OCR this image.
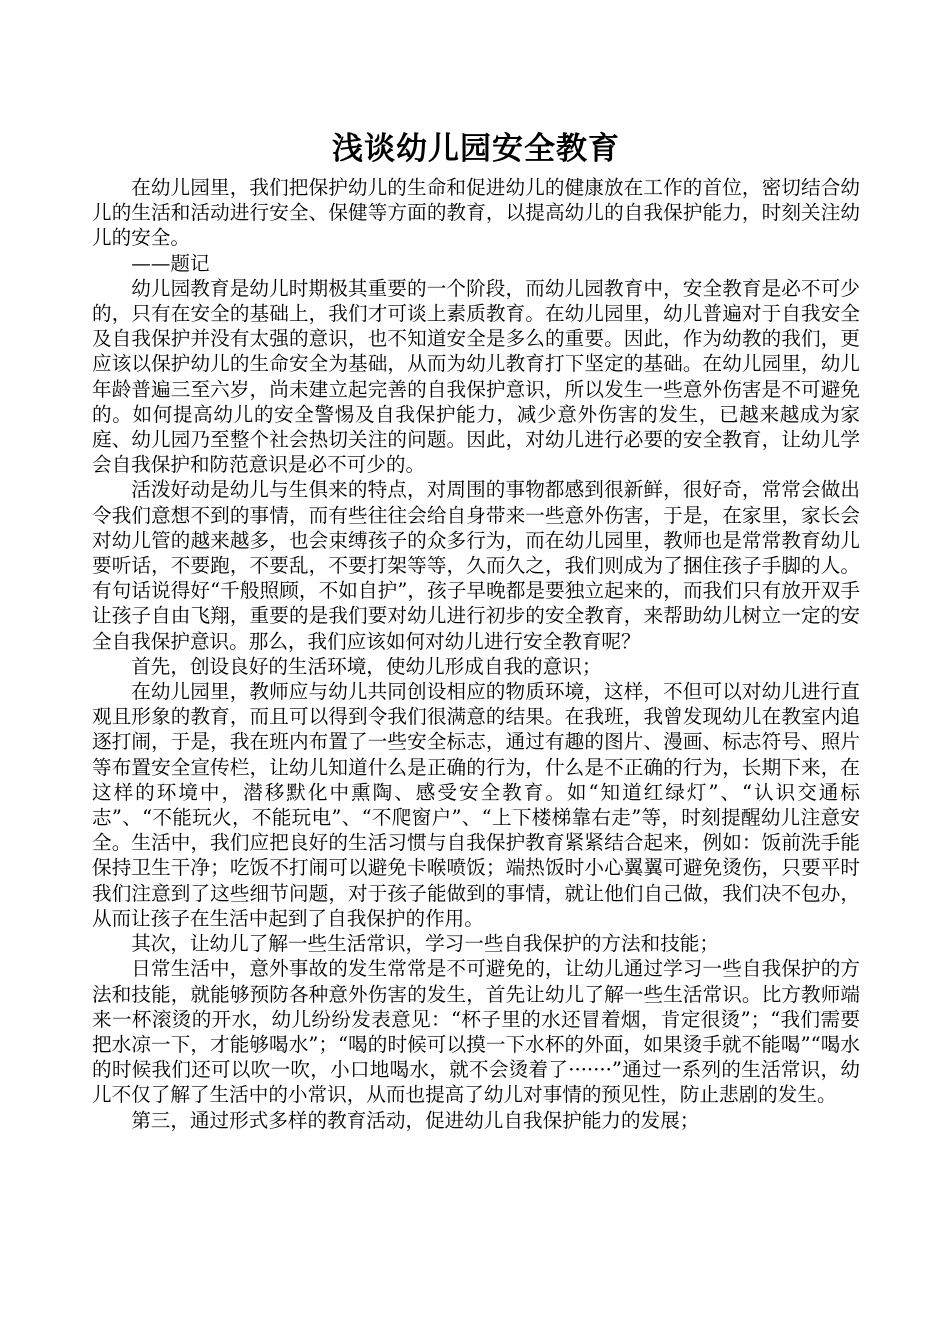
浅谈幼儿园安全教育

在幼儿园里，我们把保护幼儿的生命和促进幼儿的健康放在工作的首位，密切结合幼儿的生活和活动进行安全、保健等方面的教育，以提高幼儿的自我保护能力，时刻关注幼儿的安全。

——题记

幼儿园教育是幼儿时期极其重要的一个阶段，而幼儿园教育中，安全教育是必不可少的，只有在安全的基础上，我们才可谈上素质教育。在幼儿园里，幼儿普遍对于自我安全及自我保护并没有太强的意识，也不知道安全是多么的重要。因此，作为幼教的我们，更应该以保护幼儿的生命安全为基础，从而为幼儿教育打下坚定的基础。在幼儿园里，幼儿年龄普遍三至六岁，尚未建立起完善的自我保护意识，所以发生一些意外伤害是不可避免的。如何提高幼儿的安全警惕及自我保护能力，减少意外伤害的发生，已越来越成为家庭、幼儿园乃至整个社会热切关注的问题。因此，对幼儿进行必要的安全教育，让幼儿学会自我保护和防范意识是必不可少的。

活泼好动是幼儿与生俱来的特点，对周围的事物都感到很新鲜，很好奇，常常会做出令我们意想不到的事情，而有些往往会给自身带来一些意外伤害，于是，在家里，家长会对幼儿管的越来越多，也会束缚孩子的众多行为，而在幼儿园里，教师也是常常教育幼儿要听话，不要跑，不要乱，不要打架等等，久而久之，我们则成为了捆住孩子手脚的人。有句话说得好“千般照顾，不如自护”，孩子早晚都是要独立起来的，而我们只有放开双手让孩子自由飞翔，重要的是我们要对幼儿进行初步的安全教育，来帮助幼儿树立一定的安全自我保护意识。那么，我们应该如何对幼儿进行安全教育呢？

首先，创设良好的生活环境，使幼儿形成自我的意识；

在幼儿园里，教师应与幼儿共同创设相应的物质环境，这样，不但可以对幼儿进行直观且形象的教育，而且可以得到令我们很满意的结果。在我班，我曾发现幼儿在教室内追逐打闹，于是，我在班内布置了一些安全标志，通过有趣的图片、漫画、标志符号、照片等布置安全宣传栏，让幼儿知道什么是正确的行为，什么是不正确的行为，长期下来，在这样的环境中，潜移默化中熏陶、感受安全教育。如“知道红绿灯”、“认识交通标志”、“不能玩火，不能玩电”、“不爬窗户”、“上下楼梯靠右走”等，时刻提醒幼儿注意安全。生活中，我们应把良好的生活习惯与自我保护教育紧紧结合起来，例如：饭前洗手能保持卫生干净；吃饭不打闹可以避免卡喉喷饭；端热饭时小心翼翼可避免烫伤，只要平时我们注意到了这些细节问题，对于孩子能做到的事情，就让他们自己做，我们决不包办，从而让孩子在生活中起到了自我保护的作用。

其次，让幼儿了解一些生活常识，学习一些自我保护的方法和技能；

日常生活中，意外事故的发生常常是不可避免的，让幼儿通过学习一些自我保护的方法和技能，就能够预防各种意外伤害的发生，首先让幼儿了解一些生活常识。比方教师端来一杯滚烫的开水，幼儿纷纷发表意见：“杯子里的水还冒着烟，肯定很烫”；“我们需要把水凉一下，才能够喝水”；“喝的时候可以摸一下水杯的外面，如果烫手就不能喝”“喝水的时候我们还可以吹一吹，小口地喝水，就不会烫着了·······”通过一系列的生活常识，幼儿不仅了解了生活中的小常识，从而也提高了幼儿对事情的预见性，防止悲剧的发生。

第三，通过形式多样的教育活动，促进幼儿自我保护能力的发展；
